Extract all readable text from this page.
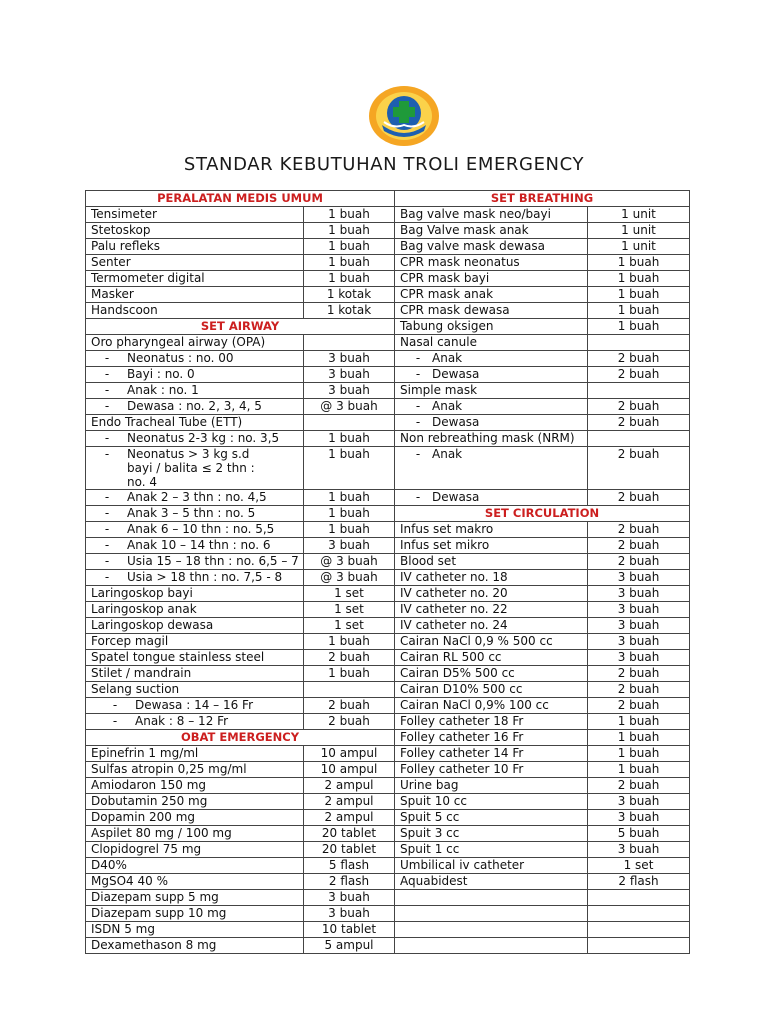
STANDAR KEBUTUHAN TROLI EMERGENCY
PERALATAN MEDIS UMUM		SET BREATHING	
Tensimeter	1 buah	Bag valve mask neo/bayi	1 unit
Stetoskop	1 buah	Bag Valve mask anak	1 unit
Palu refleks	1 buah	Bag valve mask dewasa	1 unit
Senter	1 buah	CPR mask neonatus	1 buah
Termometer digital	1 buah	CPR mask bayi	1 buah
Masker	1 kotak	CPR mask anak	1 buah
Handscoon	1 kotak	CPR mask dewasa	1 buah
SET AIRWAY		Tabung oksigen	1 buah
Oro pharyngeal airway (OPA)		Nasal canule	
- Neonatus : no. 00	3 buah	- Anak	2 buah
- Bayi : no. 0	3 buah	- Dewasa	2 buah
- Anak : no. 1	3 buah	Simple mask	
- Dewasa : no. 2, 3, 4, 5	@ 3 buah	- Anak	2 buah
Endo Tracheal Tube (ETT)		- Dewasa	2 buah
- Neonatus 2-3 kg : no. 3,5	1 buah	Non rebreathing mask (NRM)	
- Neonatus > 3 kg s.d bayi / balita ≤ 2 thn : no. 4	1 buah	- Anak	2 buah
- Anak 2 – 3 thn : no. 4,5	1 buah	- Dewasa	2 buah
- Anak 3 – 5 thn : no. 5	1 buah	SET CIRCULATION	
- Anak 6 – 10 thn : no. 5,5	1 buah	Infus set makro	2 buah
- Anak 10 – 14 thn : no. 6	3 buah	Infus set mikro	2 buah
- Usia 15 – 18 thn : no. 6,5 – 7	@ 3 buah	Blood set	2 buah
- Usia > 18 thn : no. 7,5 - 8	@ 3 buah	IV catheter no. 18	3 buah
Laringoskop bayi	1 set	IV catheter no. 20	3 buah
Laringoskop anak	1 set	IV catheter no. 22	3 buah
Laringoskop dewasa	1 set	IV catheter no. 24	3 buah
Forcep magil	1 buah	Cairan NaCl 0,9 % 500 cc	3 buah
Spatel tongue stainless steel	2 buah	Cairan RL 500 cc	3 buah
Stilet / mandrain	1 buah	Cairan D5% 500 cc	2 buah
Selang suction		Cairan D10% 500 cc	2 buah
- Dewasa : 14 – 16 Fr	2 buah	Cairan NaCl 0,9% 100 cc	2 buah
- Anak : 8 – 12 Fr	2 buah	Folley catheter 18 Fr	1 buah
OBAT EMERGENCY		Folley catheter 16 Fr	1 buah
Epinefrin 1 mg/ml	10 ampul	Folley catheter 14 Fr	1 buah
Sulfas atropin 0,25 mg/ml	10 ampul	Folley catheter 10 Fr	1 buah
Amiodaron 150 mg	2 ampul	Urine bag	2 buah
Dobutamin 250 mg	2 ampul	Spuit 10 cc	3 buah
Dopamin 200 mg	2 ampul	Spuit 5 cc	3 buah
Aspilet 80 mg / 100 mg	20 tablet	Spuit 3 cc	5 buah
Clopidogrel 75 mg	20 tablet	Spuit 1 cc	3 buah
D40%	5 flash	Umbilical iv catheter	1 set
MgSO4 40 %	2 flash	Aquabidest	2 flash
Diazepam supp 5 mg	3 buah		
Diazepam supp 10 mg	3 buah		
ISDN 5 mg	10 tablet		
Dexamethason 8 mg	5 ampul		
